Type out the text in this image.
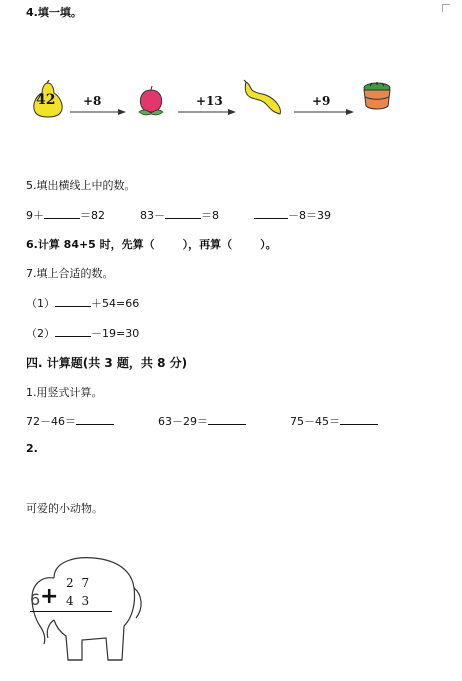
4.填一填。
42 +8	+13	+9
5.填出横线上中的数。
9＋	＝82	83－	＝8	－8＝39
6.计算 84+5 时，先算（	），再算（	）。
7.填上合适的数。
（1）	＋54=66
（2）	－19=30
四. 计算题(共 3 题，共 8 分)
1.用竖式计算。
72－46＝	63－29＝	75－45＝
2.
可爱的小动物。
2 7
6 + 4 3
